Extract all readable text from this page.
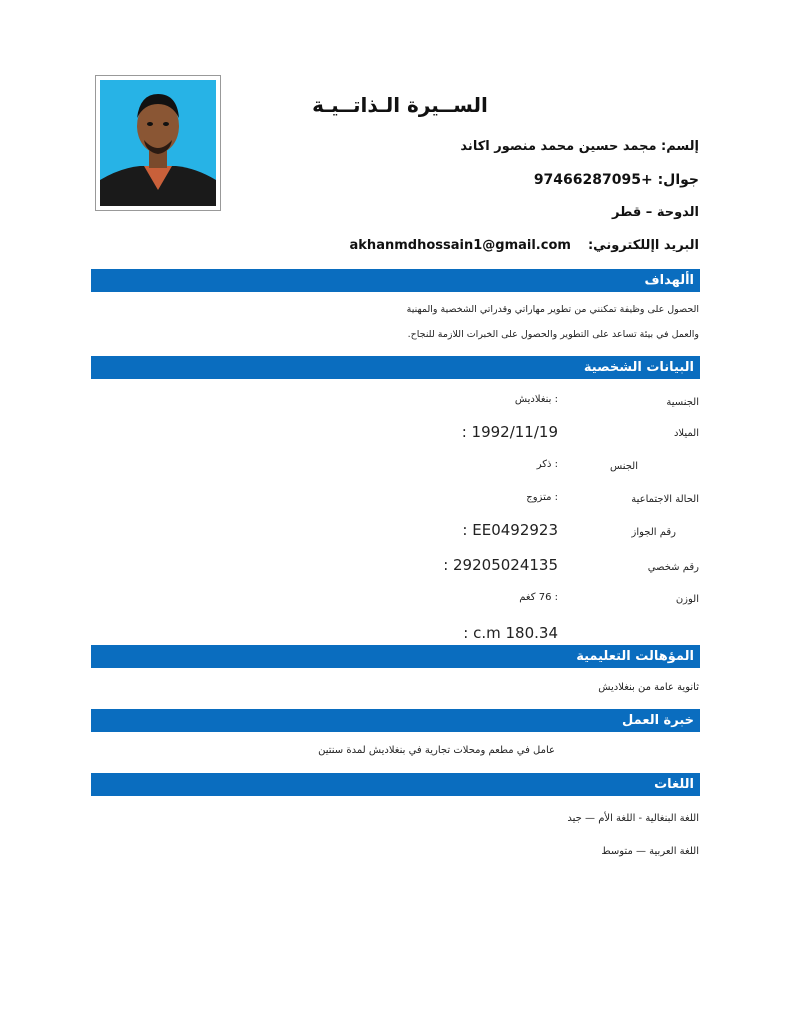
الســيرة الـذاتــيـة
إلسم: مجمد حسين محمد منصور اكاند
جوال: +97466287095
الدوحة – قطر
البريد اإللكتروني:  akhanmdhossain1@gmail.com
األهداف
الحصول على وظيفة تمكنني من تطوير مهاراتي وقدراتي الشخصية والمهنية
والعمل في بيئة تساعد على التطوير والحصول على الخبرات اللازمة للنجاح.
البيانات الشخصية
الجنسية
: بنغلاديش
الميلاد
1992/11/19 :
الجنس
: ذكر
الحالة الاجتماعية
: متزوج
رقم الجواز
EE0492923 :
رقم شخصي
29205024135 :
الوزن
: 76 كغم
180.34 c.m :
المؤهالت التعليمية
ثانوية عامة من بنغلاديش
خبرة العمل
عامل في مطعم ومحلات تجارية في بنغلاديش لمدة سنتين
اللغات
اللغة البنغالية - اللغة الأم — جيد
اللغة العربية — متوسط
